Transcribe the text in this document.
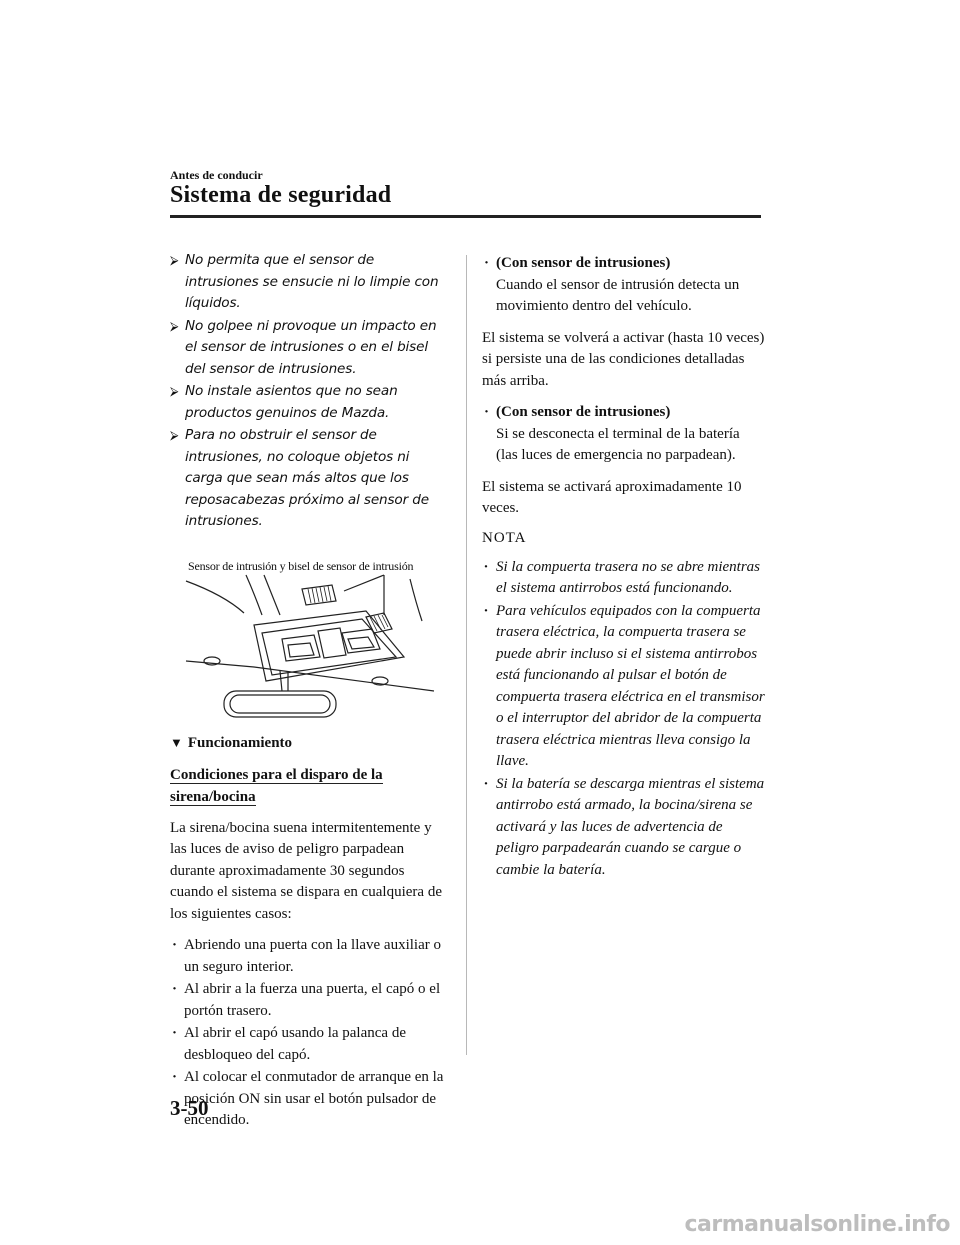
Antes de conducir
Sistema de seguridad
⮚ No permita que el sensor de intrusiones se ensucie ni lo limpie con líquidos.
⮚ No golpee ni provoque un impacto en el sensor de intrusiones o en el bisel del sensor de intrusiones.
⮚ No instale asientos que no sean productos genuinos de Mazda.
⮚ Para no obstruir el sensor de intrusiones, no coloque objetos ni carga que sean más altos que los reposacabezas próximo al sensor de intrusiones.
Sensor de intrusión y bisel de sensor de intrusión
▼ Funcionamiento
Condiciones para el disparo de la sirena/bocina

La sirena/bocina suena intermitentemente y las luces de aviso de peligro parpadean durante aproximadamente 30 segundos cuando el sistema se dispara en cualquiera de los siguientes casos:

· Abriendo una puerta con la llave auxiliar o un seguro interior.
· Al abrir a la fuerza una puerta, el capó o el portón trasero.
· Al abrir el capó usando la palanca de desbloqueo del capó.
· Al colocar el conmutador de arranque en la posición ON sin usar el botón pulsador de encendido.
· (Con sensor de intrusiones)
Cuando el sensor de intrusión detecta un movimiento dentro del vehículo.

El sistema se volverá a activar (hasta 10 veces) si persiste una de las condiciones detalladas más arriba.

· (Con sensor de intrusiones)
Si se desconecta el terminal de la batería (las luces de emergencia no parpadean).

El sistema se activará aproximadamente 10 veces.

NOTA
· Si la compuerta trasera no se abre mientras el sistema antirrobos está funcionando.
· Para vehículos equipados con la compuerta trasera eléctrica, la compuerta trasera se puede abrir incluso si el sistema antirrobos está funcionando al pulsar el botón de compuerta trasera eléctrica en el transmisor o el interruptor del abridor de la compuerta trasera eléctrica mientras lleva consigo la llave.
· Si la batería se descarga mientras el sistema antirrobo está armado, la bocina/sirena se activará y las luces de advertencia de peligro parpadearán cuando se cargue o cambie la batería.
3-50
carmanualsonline.info
